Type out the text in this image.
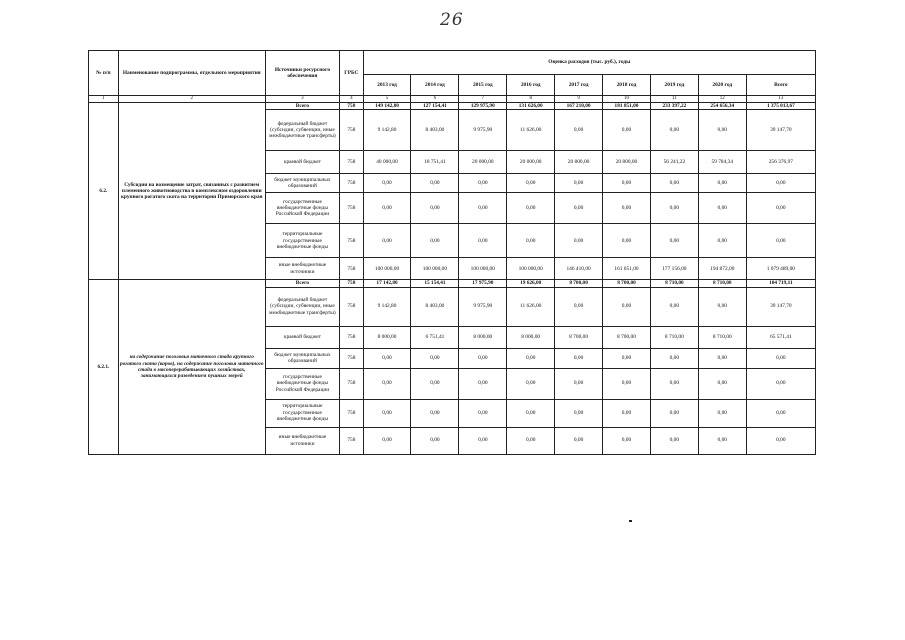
26
№ п/п	Наименование подпрограммы, отдельного мероприятия	Источники ресурсного обеспечения	ГРБС	Оценка расходов (тыс. руб.), годы								
				2013 год	2014 год	2015 год	2016 год	2017 год	2018 год	2019 год	2020 год	Всего
1	2	3	4	5	6	7	8	9	10	11	12	13
6.2.	Субсидии на возмещение затрат, связанных с развитием племенного животноводства в комплексном оздоровлении крупного рогатого скота на территории Приморского края	Всего	758	149 142,80	127 154,41	129 975,90	131 626,00	167 210,00	181 851,00	233 397,22	254 656,34	1 375 013,67
		федеральный бюджет (субсидии, субвенции, иные межбюджетные трансферты)	758	9 142,80	8 403,00	9 975,90	11 626,00	0,00	0,00	0,00	0,00	39 147,70
		краевой бюджет	758	40 000,00	18 751,41	20 000,00	20 000,00	20 800,00	20 800,00	56 241,22	59 784,34	256 376,97
		бюджет муниципальных образований	758	0,00	0,00	0,00	0,00	0,00	0,00	0,00	0,00	0,00
		государственные внебюджетные фонды Российской Федерации	758	0,00	0,00	0,00	0,00	0,00	0,00	0,00	0,00	0,00
		территориальные государственные внебюджетные фонды	758	0,00	0,00	0,00	0,00	0,00	0,00	0,00	0,00	0,00
		иные внебюджетные источники	758	100 000,00	100 000,00	100 000,00	100 000,00	146 410,00	161 051,00	177 156,00	194 872,00	1 079 489,00
6.2.1.	на содержание поголовья маточного стада крупного рогатого скота (коров), на содержание поголовья маточного стада в мясоперерабатывающих хозяйствах, занимающихся разведением пушных зверей	Всего	758	17 142,80	15 154,41	17 975,90	19 626,00	8 700,00	8 700,00	8 710,00	8 710,00	104 719,11
		федеральный бюджет (субсидии, субвенции, иные межбюджетные трансферты)	758	9 142,80	8 403,00	9 975,90	11 626,00	0,00	0,00	0,00	0,00	39 147,70
		краевой бюджет	758	8 000,00	6 751,41	8 000,00	8 000,00	8 700,00	8 700,00	8 710,00	8 710,00	65 571,41
		бюджет муниципальных образований	758	0,00	0,00	0,00	0,00	0,00	0,00	0,00	0,00	0,00
		государственные внебюджетные фонды Российской Федерации	758	0,00	0,00	0,00	0,00	0,00	0,00	0,00	0,00	0,00
		территориальные государственные внебюджетные фонды	758	0,00	0,00	0,00	0,00	0,00	0,00	0,00	0,00	0,00
		иные внебюджетные источники	758	0,00	0,00	0,00	0,00	0,00	0,00	0,00	0,00	0,00
